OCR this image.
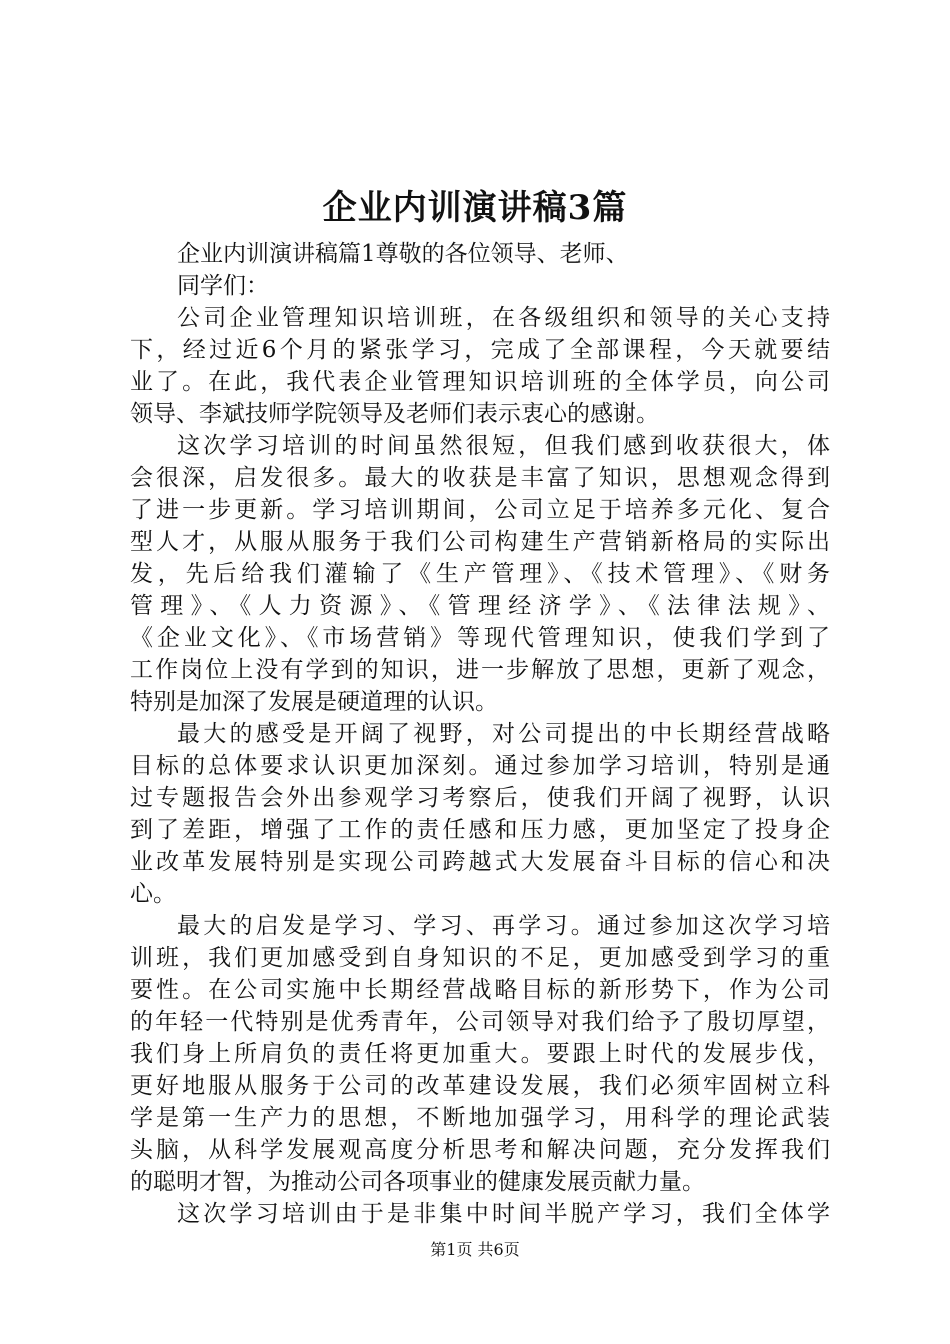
企业内训演讲稿3篇
企业内训演讲稿篇1尊敬的各位领导、老师、
同学们：
公司企业管理知识培训班，在各级组织和领导的关心支持
下，经过近6个月的紧张学习，完成了全部课程，今天就要结
业了。在此，我代表企业管理知识培训班的全体学员，向公司
领导、李斌技师学院领导及老师们表示衷心的感谢。
这次学习培训的时间虽然很短，但我们感到收获很大，体
会很深，启发很多。最大的收获是丰富了知识，思想观念得到
了进一步更新。学习培训期间，公司立足于培养多元化、复合
型人才，从服从服务于我们公司构建生产营销新格局的实际出
发，先后给我们灌输了《生产管理》、《技术管理》、《财务
管理》、《人力资源》、《管理经济学》、《法律法规》、
《企业文化》、《市场营销》等现代管理知识，使我们学到了
工作岗位上没有学到的知识，进一步解放了思想，更新了观念，
特别是加深了发展是硬道理的认识。
最大的感受是开阔了视野，对公司提出的中长期经营战略
目标的总体要求认识更加深刻。通过参加学习培训，特别是通
过专题报告会外出参观学习考察后，使我们开阔了视野，认识
到了差距，增强了工作的责任感和压力感，更加坚定了投身企
业改革发展特别是实现公司跨越式大发展奋斗目标的信心和决
心。
最大的启发是学习、学习、再学习。通过参加这次学习培
训班，我们更加感受到自身知识的不足，更加感受到学习的重
要性。在公司实施中长期经营战略目标的新形势下，作为公司
的年轻一代特别是优秀青年，公司领导对我们给予了殷切厚望，
我们身上所肩负的责任将更加重大。要跟上时代的发展步伐，
更好地服从服务于公司的改革建设发展，我们必须牢固树立科
学是第一生产力的思想，不断地加强学习，用科学的理论武装
头脑，从科学发展观高度分析思考和解决问题，充分发挥我们
的聪明才智，为推动公司各项事业的健康发展贡献力量。
这次学习培训由于是非集中时间半脱产学习，我们全体学
第1页 共6页
